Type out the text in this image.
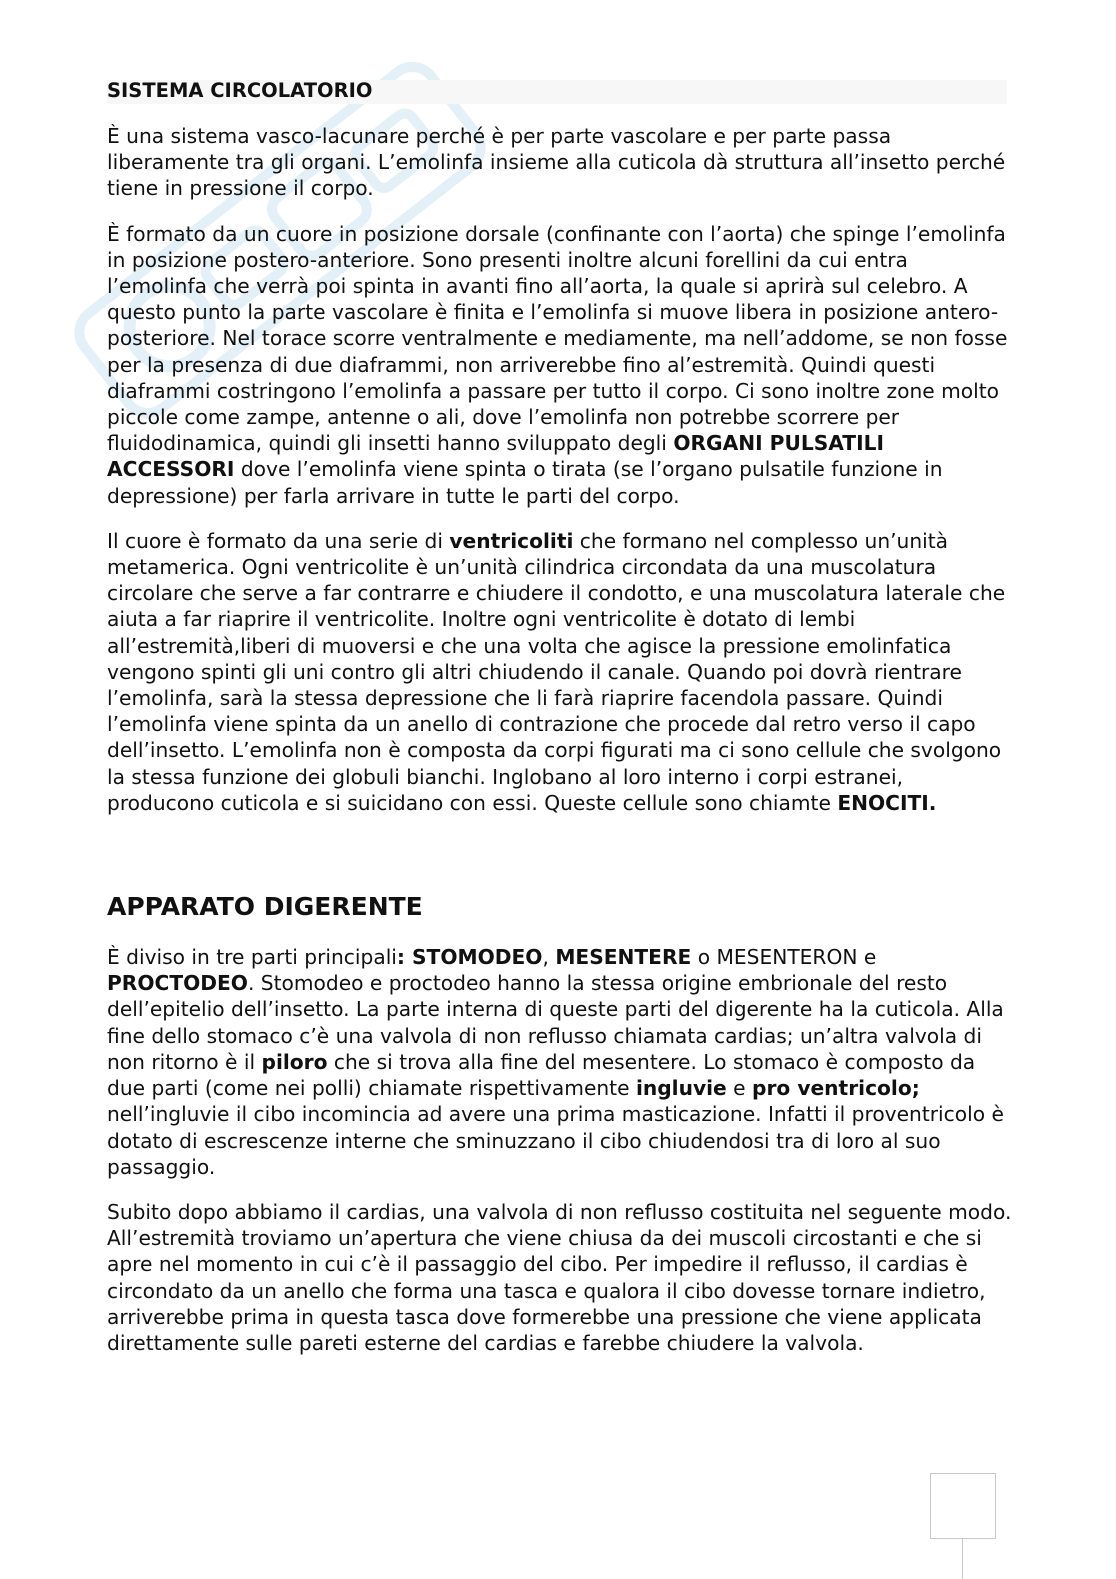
SISTEMA CIRCOLATORIO

È una sistema vasco-lacunare perché è per parte vascolare e per parte passa liberamente tra gli organi. L’emolinfa insieme alla cuticola dà struttura all’insetto perché tiene in pressione il corpo.

È formato da un cuore in posizione dorsale (confinante con l’aorta) che spinge l’emolinfa in posizione postero-anteriore. Sono presenti inoltre alcuni forellini da cui entra l’emolinfa che verrà poi spinta in avanti fino all’aorta, la quale si aprirà sul celebro. A questo punto la parte vascolare è finita e l’emolinfa si muove libera in posizione antero-posteriore. Nel torace scorre ventralmente e mediamente, ma nell’addome, se non fosse per la presenza di due diaframmi, non arriverebbe fino al’estremità. Quindi questi diaframmi costringono l’emolinfa a passare per tutto il corpo. Ci sono inoltre zone molto piccole come zampe, antenne o ali, dove l’emolinfa non potrebbe scorrere per fluidodinamica, quindi gli insetti hanno sviluppato degli ORGANI PULSATILI ACCESSORI dove l’emolinfa viene spinta o tirata (se l’organo pulsatile funzione in depressione) per farla arrivare in tutte le parti del corpo.

Il cuore è formato da una serie di ventricoliti che formano nel complesso un’unità metamerica. Ogni ventricolite è un’unità cilindrica circondata da una muscolatura circolare che serve a far contrarre e chiudere il condotto, e una muscolatura laterale che aiuta a far riaprire il ventricolite. Inoltre ogni ventricolite è dotato di lembi all’estremità,liberi di muoversi e che una volta che agisce la pressione emolinfatica vengono spinti gli uni contro gli altri chiudendo il canale. Quando poi dovrà rientrare l’emolinfa, sarà la stessa depressione che li farà riaprire facendola passare. Quindi l’emolinfa viene spinta da un anello di contrazione che procede dal retro verso il capo dell’insetto. L’emolinfa non è composta da corpi figurati ma ci sono cellule che svolgono la stessa funzione dei globuli bianchi. Inglobano al loro interno i corpi estranei, producono cuticola e si suicidano con essi. Queste cellule sono chiamte ENOCITI.

APPARATO DIGERENTE

È diviso in tre parti principali: STOMODEO, MESENTERE o MESENTERON e PROCTODEO. Stomodeo e proctodeo hanno la stessa origine embrionale del resto dell’epitelio dell’insetto. La parte interna di queste parti del digerente ha la cuticola. Alla fine dello stomaco c’è una valvola di non reflusso chiamata cardias; un’altra valvola di non ritorno è il piloro che si trova alla fine del mesentere. Lo stomaco è composto da due parti (come nei polli) chiamate rispettivamente ingluvie e pro ventricolo; nell’ingluvie il cibo incomincia ad avere una prima masticazione. Infatti il proventricolo è dotato di escrescenze interne che sminuzzano il cibo chiudendosi tra di loro al suo passaggio.

Subito dopo abbiamo il cardias, una valvola di non reflusso costituita nel seguente modo. All’estremità troviamo un’apertura che viene chiusa da dei muscoli circostanti e che si apre nel momento in cui c’è il passaggio del cibo. Per impedire il reflusso, il cardias è circondato da un anello che forma una tasca e qualora il cibo dovesse tornare indietro, arriverebbe prima in questa tasca dove formerebbe una pressione che viene applicata direttamente sulle pareti esterne del cardias e farebbe chiudere la valvola.
